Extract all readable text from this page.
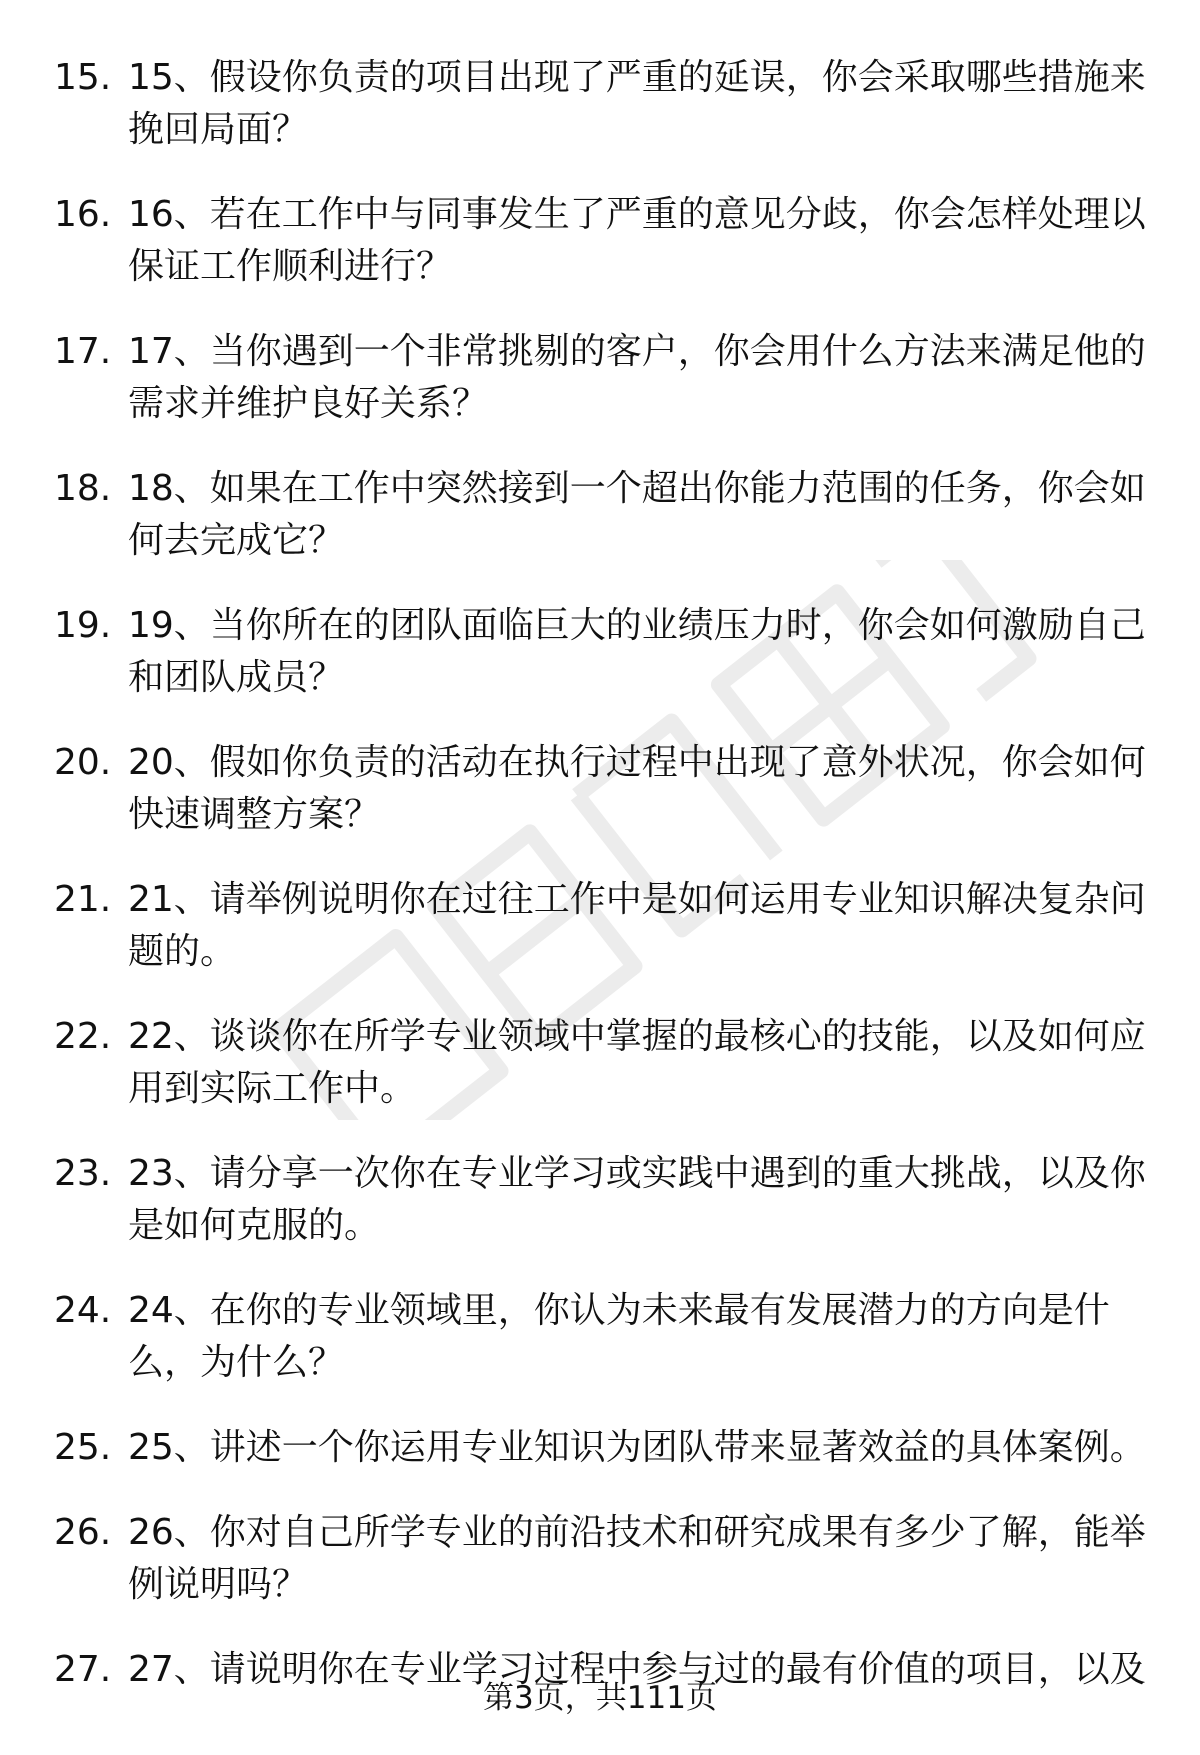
15. 15、假设你负责的项目出现了严重的延误，你会采取哪些措施来挽回局面？
16. 16、若在工作中与同事发生了严重的意见分歧，你会怎样处理以保证工作顺利进行？
17. 17、当你遇到一个非常挑剔的客户，你会用什么方法来满足他的需求并维护良好关系？
18. 18、如果在工作中突然接到一个超出你能力范围的任务，你会如何去完成它？
19. 19、当你所在的团队面临巨大的业绩压力时，你会如何激励自己和团队成员？
20. 20、假如你负责的活动在执行过程中出现了意外状况，你会如何快速调整方案？
21. 21、请举例说明你在过往工作中是如何运用专业知识解决复杂问题的。
22. 22、谈谈你在所学专业领域中掌握的最核心的技能，以及如何应用到实际工作中。
23. 23、请分享一次你在专业学习或实践中遇到的重大挑战，以及你是如何克服的。
24. 24、在你的专业领域里，你认为未来最有发展潜力的方向是什么，为什么？
25. 25、讲述一个你运用专业知识为团队带来显著效益的具体案例。
26. 26、你对自己所学专业的前沿技术和研究成果有多少了解，能举例说明吗？
27. 27、请说明你在专业学习过程中参与过的最有价值的项目，以及
第3页，共111页
